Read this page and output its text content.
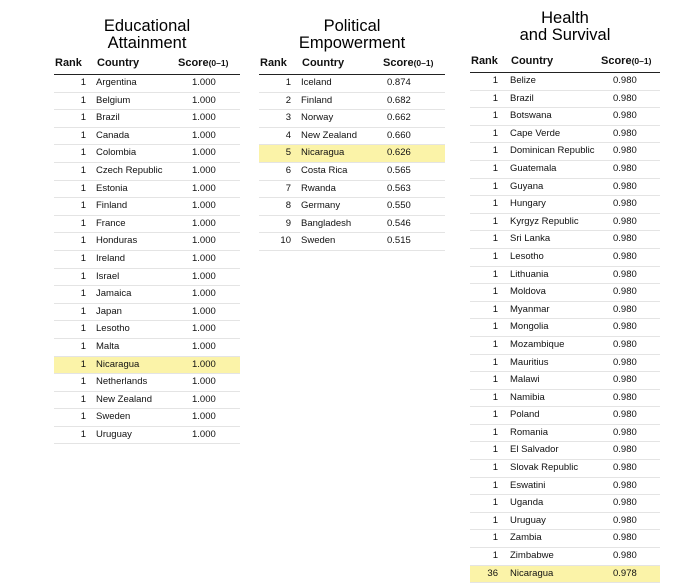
Educational
Attainment
Rank Country	Score(0–1)
1 Argentina	1.000
1 Belgium	1.000
1 Brazil	1.000
1 Canada	1.000
1 Colombia	1.000
1 Czech Republic	1.000
1 Estonia	1.000
1 Finland	1.000
1 France	1.000
1 Honduras	1.000
1 Ireland	1.000
1 Israel	1.000
1 Jamaica	1.000
1 Japan	1.000
1 Lesotho	1.000
1 Malta	1.000
1 Nicaragua	1.000
1 Netherlands	1.000
1 New Zealand	1.000
1 Sweden	1.000
1 Uruguay	1.000
Political
Empowerment
Rank Country	Score(0–1)
1 Iceland	0.874
2 Finland	0.682
3 Norway	0.662
4 New Zealand	0.660
5 Nicaragua	0.626
6 Costa Rica	0.565
7 Rwanda	0.563
8 Germany	0.550
9 Bangladesh	0.546
10 Sweden	0.515
Health
and Survival
Rank Country	Score(0–1)
1 Belize	0.980
1 Brazil	0.980
1 Botswana	0.980
1 Cape Verde	0.980
1 Dominican Republic 0.980
1 Guatemala	0.980
1 Guyana	0.980
1 Hungary	0.980
1 Kyrgyz Republic	0.980
1 Sri Lanka	0.980
1 Lesotho	0.980
1 Lithuania	0.980
1 Moldova	0.980
1 Myanmar	0.980
1 Mongolia	0.980
1 Mozambique	0.980
1 Mauritius	0.980
1 Malawi	0.980
1 Namibia	0.980
1 Poland	0.980
1 Romania	0.980
1 El Salvador	0.980
1 Slovak Republic	0.980
1 Eswatini	0.980
1 Uganda	0.980
1 Uruguay	0.980
1 Zambia	0.980
1 Zimbabwe	0.980
36 Nicaragua	0.978
